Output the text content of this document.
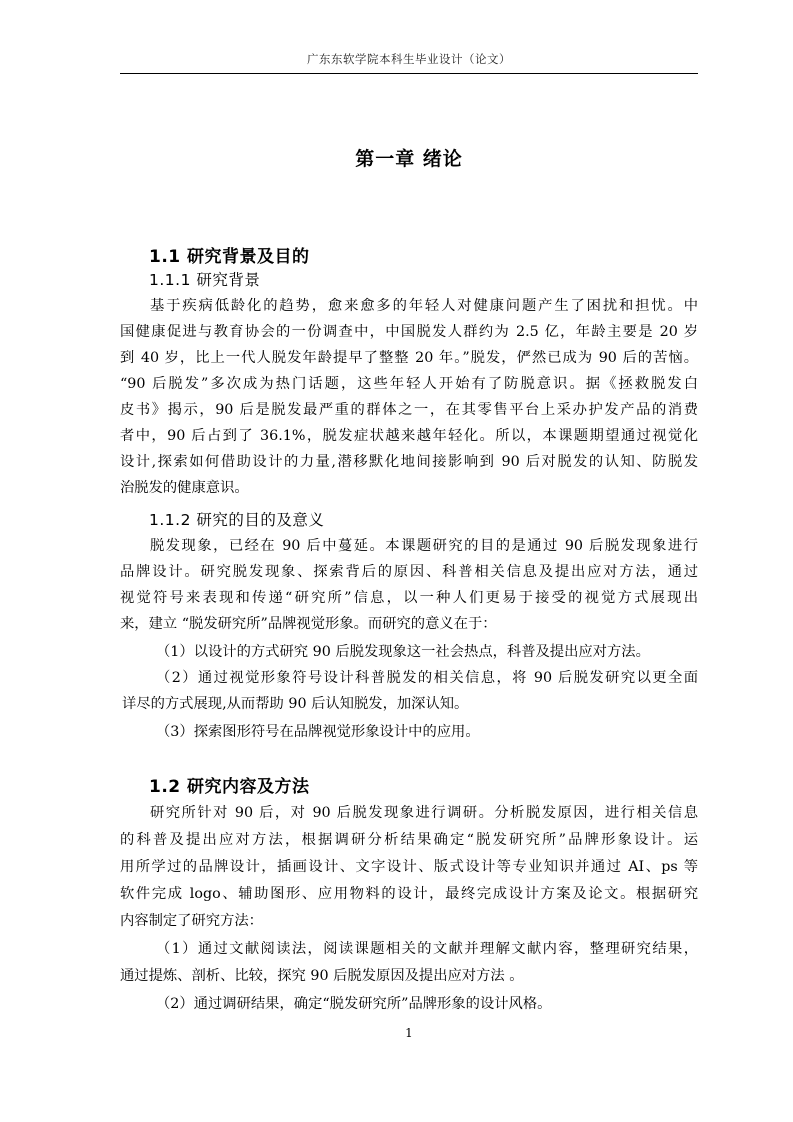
广东东软学院本科生毕业设计（论文）
第一章 绪论
1.1 研究背景及目的
1.1.1 研究背景
基于疾病低龄化的趋势，愈来愈多的年轻人对健康问题产生了困扰和担忧。中
国健康促进与教育协会的一份调查中，中国脱发人群约为 2.5 亿，年龄主要是 20 岁
到 40 岁，比上一代人脱发年龄提早了整整 20 年。”脱发，俨然已成为 90 后的苦恼。
“90 后脱发”多次成为热门话题，这些年轻人开始有了防脱意识。据《拯救脱发白
皮书》揭示，90 后是脱发最严重的群体之一，在其零售平台上采办护发产品的消费
者中，90 后占到了 36.1%，脱发症状越来越年轻化。所以，本课题期望通过视觉化
设计,探索如何借助设计的力量,潜移默化地间接影响到 90 后对脱发的认知、防脱发
治脱发的健康意识。
1.1.2 研究的目的及意义
脱发现象，已经在 90 后中蔓延。本课题研究的目的是通过 90 后脱发现象进行
品牌设计。研究脱发现象、探索背后的原因、科普相关信息及提出应对方法，通过
视觉符号来表现和传递“研究所”信息，以一种人们更易于接受的视觉方式展现出
来，建立 “脱发研究所”品牌视觉形象。而研究的意义在于：
（1）以设计的方式研究 90 后脱发现象这一社会热点，科普及提出应对方法。
（2）通过视觉形象符号设计科普脱发的相关信息，将 90 后脱发研究以更全面
详尽的方式展现,从而帮助 90 后认知脱发，加深认知。
（3）探索图形符号在品牌视觉形象设计中的应用。
1.2 研究内容及方法
研究所针对 90 后，对 90 后脱发现象进行调研。分析脱发原因，进行相关信息
的科普及提出应对方法，根据调研分析结果确定“脱发研究所”品牌形象设计。运
用所学过的品牌设计，插画设计、文字设计、版式设计等专业知识并通过 AI、ps 等
软件完成 logo、辅助图形、应用物料的设计，最终完成设计方案及论文。根据研究
内容制定了研究方法：
（1）通过文献阅读法，阅读课题相关的文献并理解文献内容，整理研究结果，
通过提炼、剖析、比较，探究 90 后脱发原因及提出应对方法 。
（2）通过调研结果，确定“脱发研究所”品牌形象的设计风格。
1
